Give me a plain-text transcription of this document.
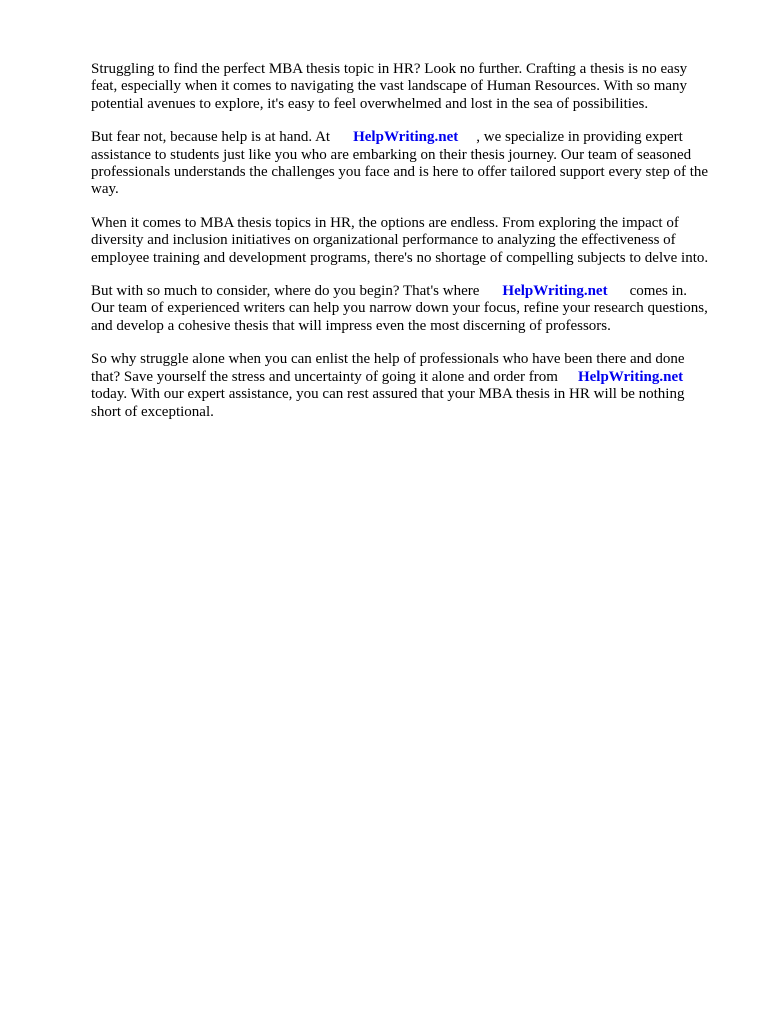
Struggling to find the perfect MBA thesis topic in HR? Look no further. Crafting a thesis is no easy feat, especially when it comes to navigating the vast landscape of Human Resources. With so many potential avenues to explore, it's easy to feel overwhelmed and lost in the sea of possibilities.

But fear not, because help is at hand. At HelpWriting.net , we specialize in providing expert assistance to students just like you who are embarking on their thesis journey. Our team of seasoned professionals understands the challenges you face and is here to offer tailored support every step of the way.

When it comes to MBA thesis topics in HR, the options are endless. From exploring the impact of diversity and inclusion initiatives on organizational performance to analyzing the effectiveness of employee training and development programs, there's no shortage of compelling subjects to delve into.

But with so much to consider, where do you begin? That's where HelpWriting.net comes in. Our team of experienced writers can help you narrow down your focus, refine your research questions, and develop a cohesive thesis that will impress even the most discerning of professors.

So why struggle alone when you can enlist the help of professionals who have been there and done that? Save yourself the stress and uncertainty of going it alone and order from HelpWriting.net today. With our expert assistance, you can rest assured that your MBA thesis in HR will be nothing short of exceptional.
